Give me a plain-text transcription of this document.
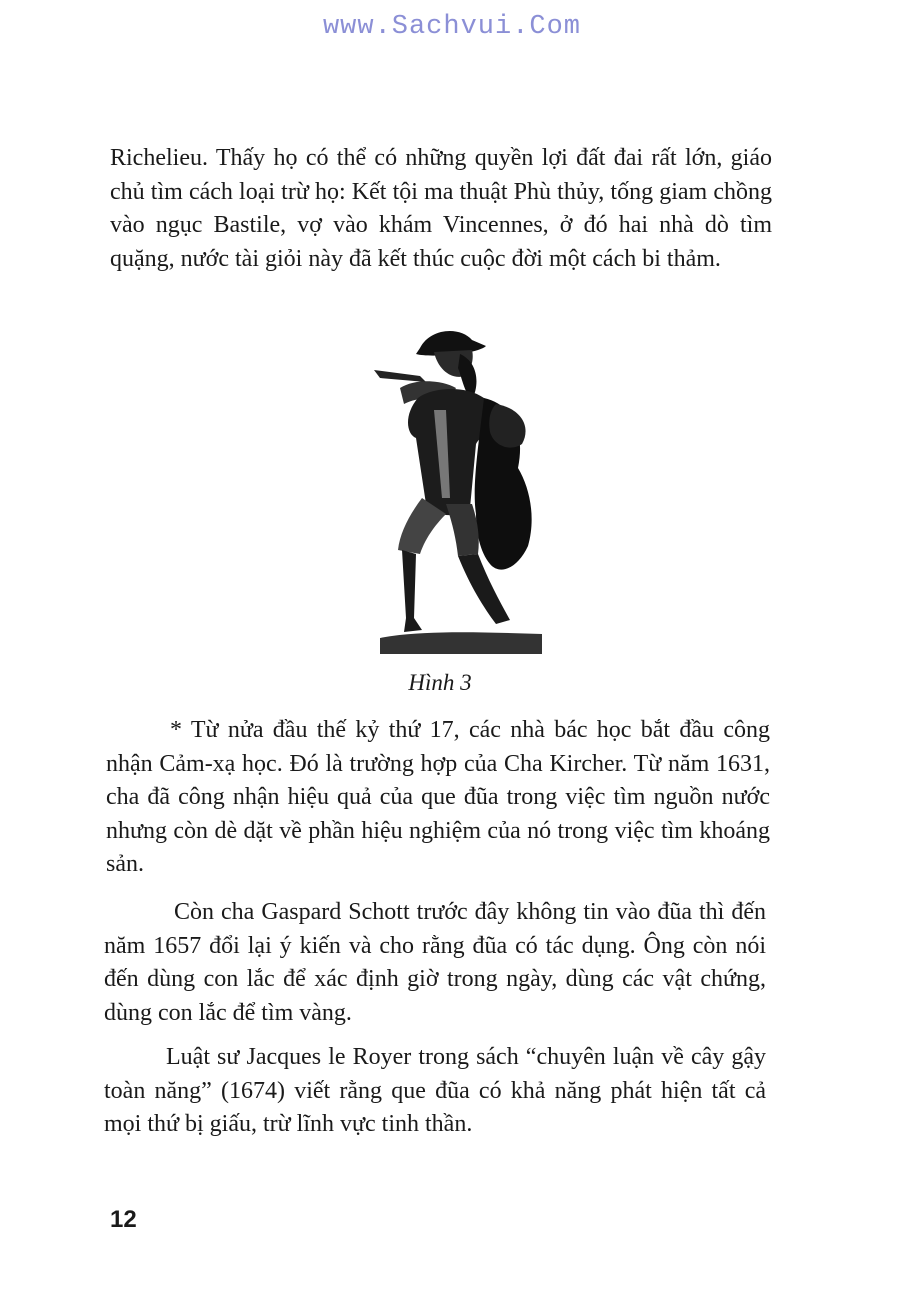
www.Sachvui.Com

Richelieu. Thấy họ có thể có những quyền lợi đất đai rất lớn, giáo chủ tìm cách loại trừ họ: Kết tội ma thuật Phù thủy, tống giam chồng vào ngục Bastile, vợ vào khám Vincennes, ở đó hai nhà dò tìm quặng, nước tài giỏi này đã kết thúc cuộc đời một cách bi thảm.

Hình 3

* Từ nửa đầu thế kỷ thứ 17, các nhà bác học bắt đầu công nhận Cảm-xạ học. Đó là trường hợp của Cha Kircher. Từ năm 1631, cha đã công nhận hiệu quả của que đũa trong việc tìm nguồn nước nhưng còn dè dặt về phần hiệu nghiệm của nó trong việc tìm khoáng sản.

Còn cha Gaspard Schott trước đây không tin vào đũa thì đến năm 1657 đổi lại ý kiến và cho rằng đũa có tác dụng. Ông còn nói đến dùng con lắc để xác định giờ trong ngày, dùng các vật chứng, dùng con lắc để tìm vàng.

Luật sư Jacques le Royer trong sách “chuyên luận về cây gậy toàn năng” (1674) viết rằng que đũa có khả năng phát hiện tất cả mọi thứ bị giấu, trừ lĩnh vực tinh thần.

12
